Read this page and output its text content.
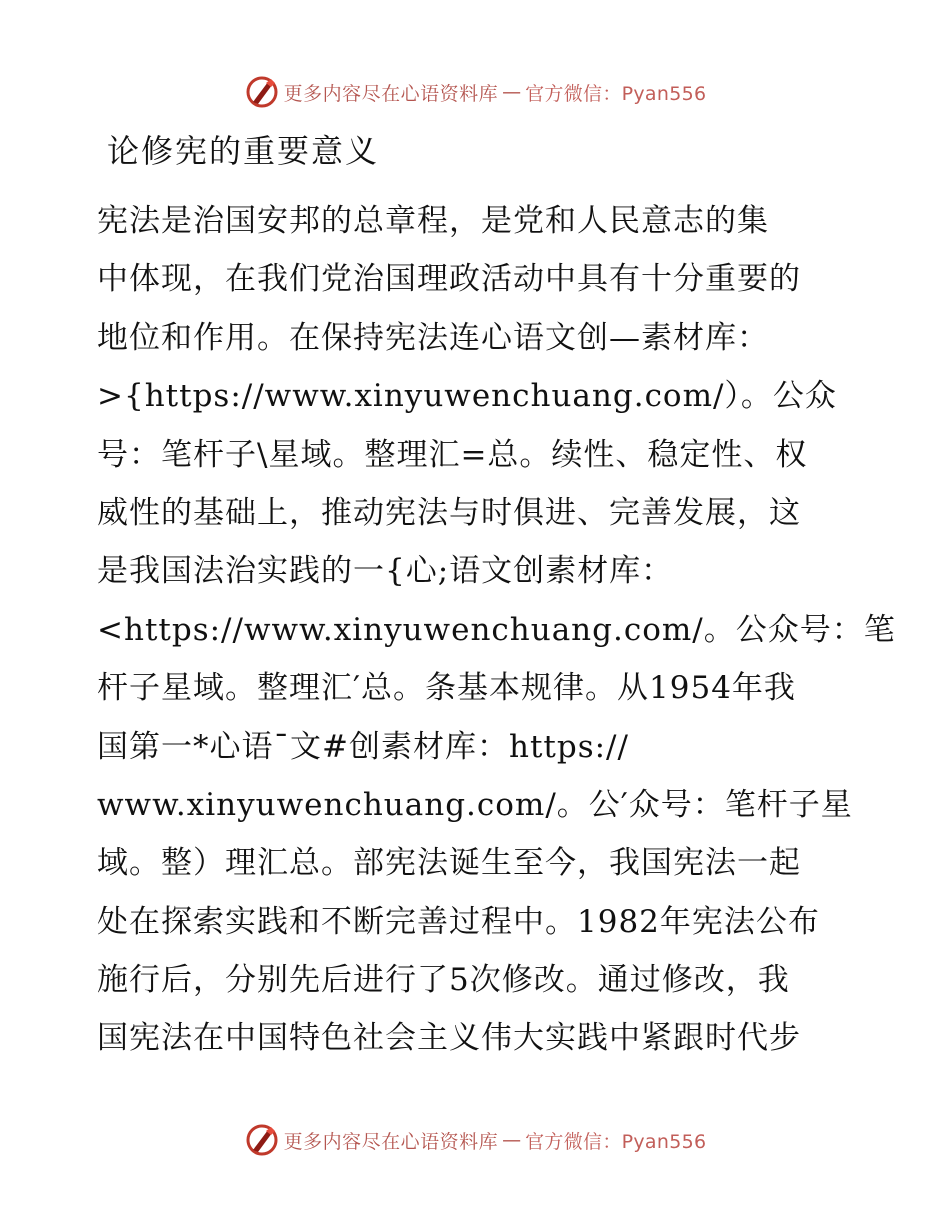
更多内容尽在心语资料库 — 官方微信：Pyan556
论修宪的重要意义
宪法是治国安邦的总章程，是党和人民意志的集
中体现，在我们党治国理政活动中具有十分重要的
地位和作用。在保持宪法连心语文创—素材库：
>{https://www.xinyuwenchuang.com/）。公众
号：笔杆子\星域。整理汇=总。续性、稳定性、权
威性的基础上，推动宪法与时俱进、完善发展，这
是我国法治实践的一{心;语文创素材库：
<https://www.xinyuwenchuang.com/。公众号：笔
杆子星域。整理汇′总。条基本规律。从1954年我
国第一*心语¯文#创素材库：https://
www.xinyuwenchuang.com/。公′众号：笔杆子星
域。整）理汇总。部宪法诞生至今，我国宪法一起
处在探索实践和不断完善过程中。1982年宪法公布
施行后，分别先后进行了5次修改。通过修改，我
国宪法在中国特色社会主义伟大实践中紧跟时代步
更多内容尽在心语资料库 — 官方微信：Pyan556
